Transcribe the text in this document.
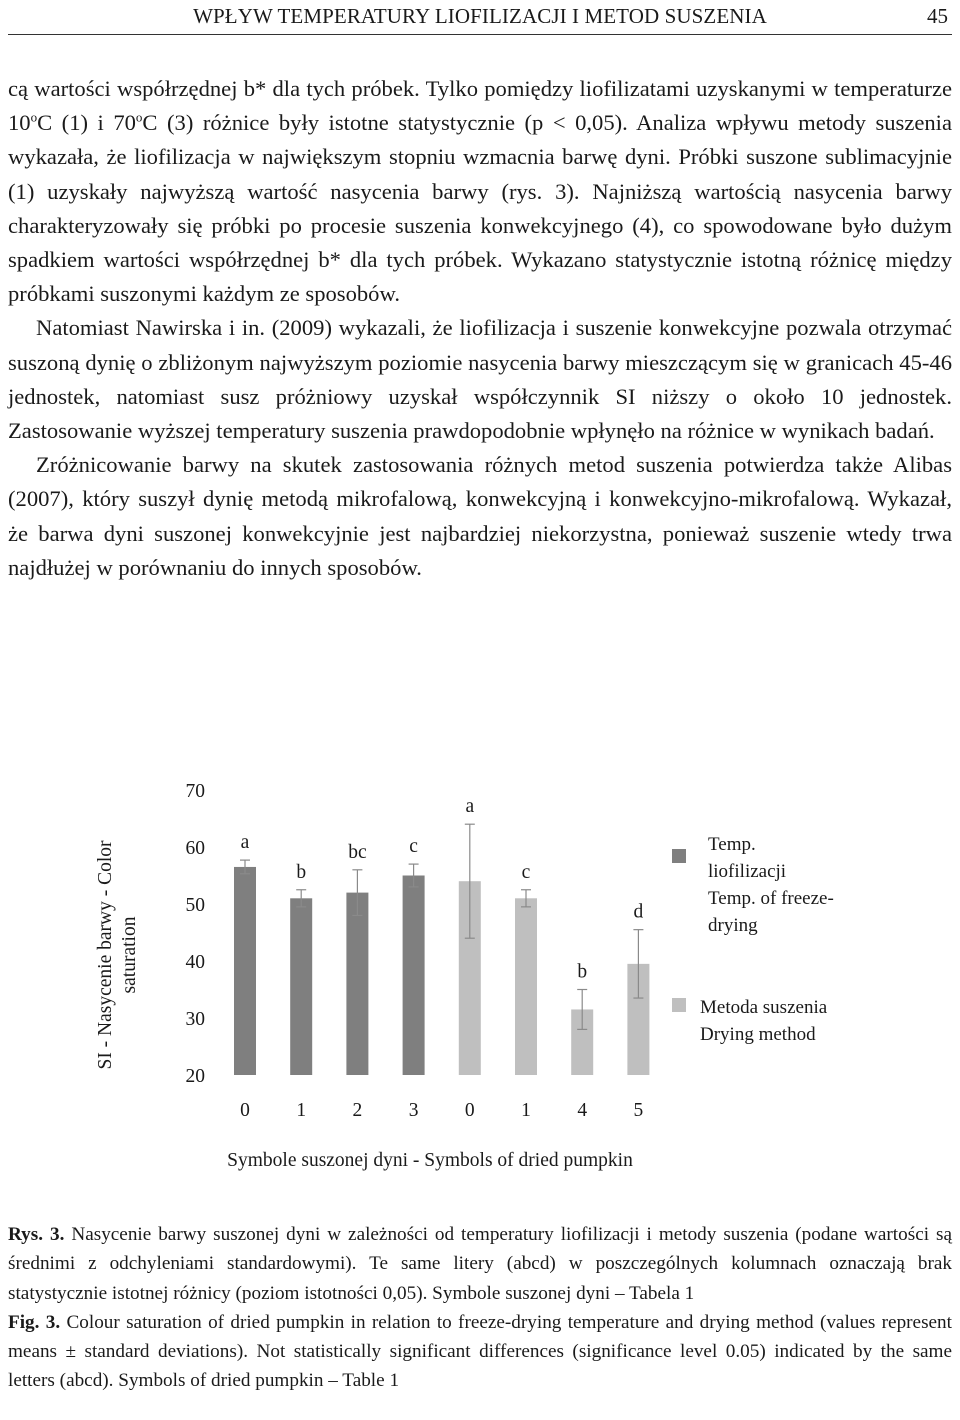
WPŁYW TEMPERATURY LIOFILIZACJI I METOD SUSZENIA	45

cą wartości współrzędnej b* dla tych próbek. Tylko pomiędzy liofilizatami uzyskanymi w temperaturze 10$^o$C (1) i 70$^o$C (3) różnice były istotne statystycznie (p < 0,05). Analiza wpływu metody suszenia wykazała, że liofilizacja w największym stopniu wzmacnia barwę dyni. Próbki suszone sublimacyjnie (1) uzyskały najwyższą wartość nasycenia barwy (rys. 3). Najniższą wartością nasycenia barwy charakteryzowały się próbki po procesie suszenia konwekcyjnego (4), co spowodowane było dużym spadkiem wartości współrzędnej b* dla tych próbek. Wykazano statystycznie istotną różnicę między próbkami suszonymi każdym ze sposobów.

Natomiast Nawirska i in. (2009) wykazali, że liofilizacja i suszenie konwekcyjne pozwala otrzymać suszoną dynię o zbliżonym najwyższym poziomie nasycenia barwy mieszczącym się w granicach 45-46 jednostek, natomiast susz próżniowy uzyskał współczynnik SI niższy o około 10 jednostek. Zastosowanie wyższej temperatury suszenia prawdopodobnie wpłynęło na różnice w wynikach badań.

Zróżnicowanie barwy na skutek zastosowania różnych metod suszenia potwierdza także Alibas (2007), który suszył dynię metodą mikrofalową, konwekcyjną i konwekcyjno-mikrofalową. Wykazał, że barwa dyni suszonej konwekcyjnie jest najbardziej niekorzystna, ponieważ suszenie wtedy trwa najdłużej w porównaniu do innych sposobów.

20
30
40
50
60
70
a
0
b
1
bc
2
c
3
a
0
c
1
b
4
d
5
SI - Nasycenie barwy - Color saturation
Temp.
liofilizacji
Temp. of freeze-
drying
Metoda suszenia
Drying method
Symbole suszonej dyni - Symbols of dried pumpkin

Rys. 3. Nasycenie barwy suszonej dyni w zależności od temperatury liofilizacji i metody suszenia (podane wartości są średnimi z odchyleniami standardowymi). Te same litery (abcd) w poszczególnych kolumnach oznaczają brak statystycznie istotnej różnicy (poziom istotności 0,05). Symbole suszonej dyni – Tabela 1

Fig. 3. Colour saturation of dried pumpkin in relation to freeze-drying temperature and drying method (values represent means ± standard deviations). Not statistically significant differences (significance level 0.05) indicated by the same letters (abcd). Symbols of dried pumpkin – Table 1
